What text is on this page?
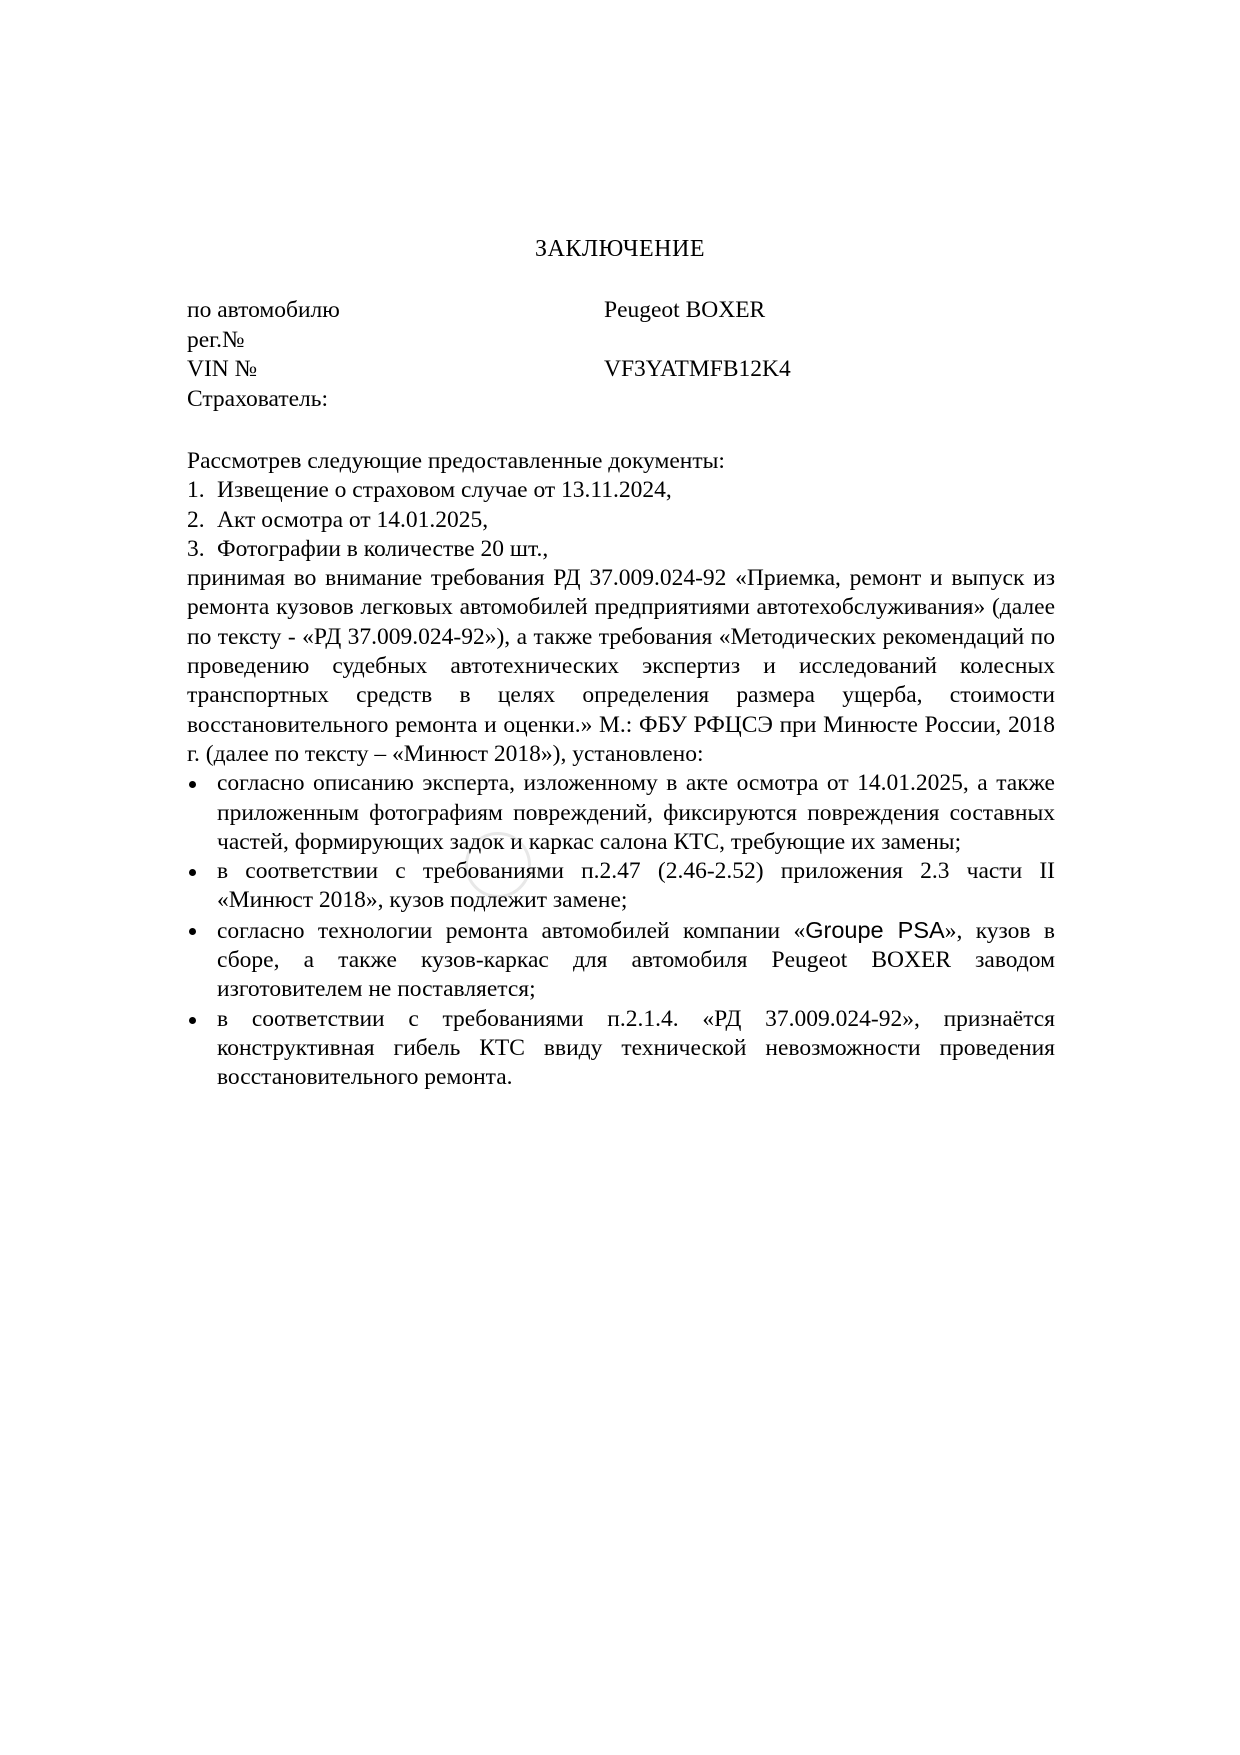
ЗАКЛЮЧЕНИЕ
по автомобилю	Peugeot BOXER
рег.№
VIN №	VF3YATMFB12K4
Страхователь:

Рассмотрев следующие предоставленные документы:

1. Извещение о страховом случае от 13.11.2024,
2. Акт осмотра от 14.01.2025,
3. Фотографии в количестве 20 шт.,

принимая во внимание требования РД 37.009.024-92 «Приемка, ремонт и выпуск из ремонта кузовов легковых автомобилей предприятиями автотехобслуживания» (далее по тексту - «РД 37.009.024-92»), а также требования «Методических рекомендаций по проведению судебных автотехнических экспертиз и исследований колесных транспортных средств в целях определения размера ущерба, стоимости восстановительного ремонта и оценки.» М.: ФБУ РФЦСЭ при Минюсте России, 2018 г. (далее по тексту – «Минюст 2018»), установлено:

согласно описанию эксперта, изложенному в акте осмотра от 14.01.2025, а также приложенным фотографиям повреждений, фиксируются повреждения составных частей, формирующих задок и каркас салона КТС, требующие их замены;
в соответствии с требованиями п.2.47 (2.46-2.52) приложения 2.3 части II «Минюст 2018», кузов подлежит замене;
согласно технологии ремонта автомобилей компании «Groupe PSA», кузов в сборе, а также кузов-каркас для автомобиля Peugeot BOXER заводом изготовителем не поставляется;
в соответствии с требованиями п.2.1.4. «РД 37.009.024-92», признаётся конструктивная гибель КТС ввиду технической невозможности проведения восстановительного ремонта.
